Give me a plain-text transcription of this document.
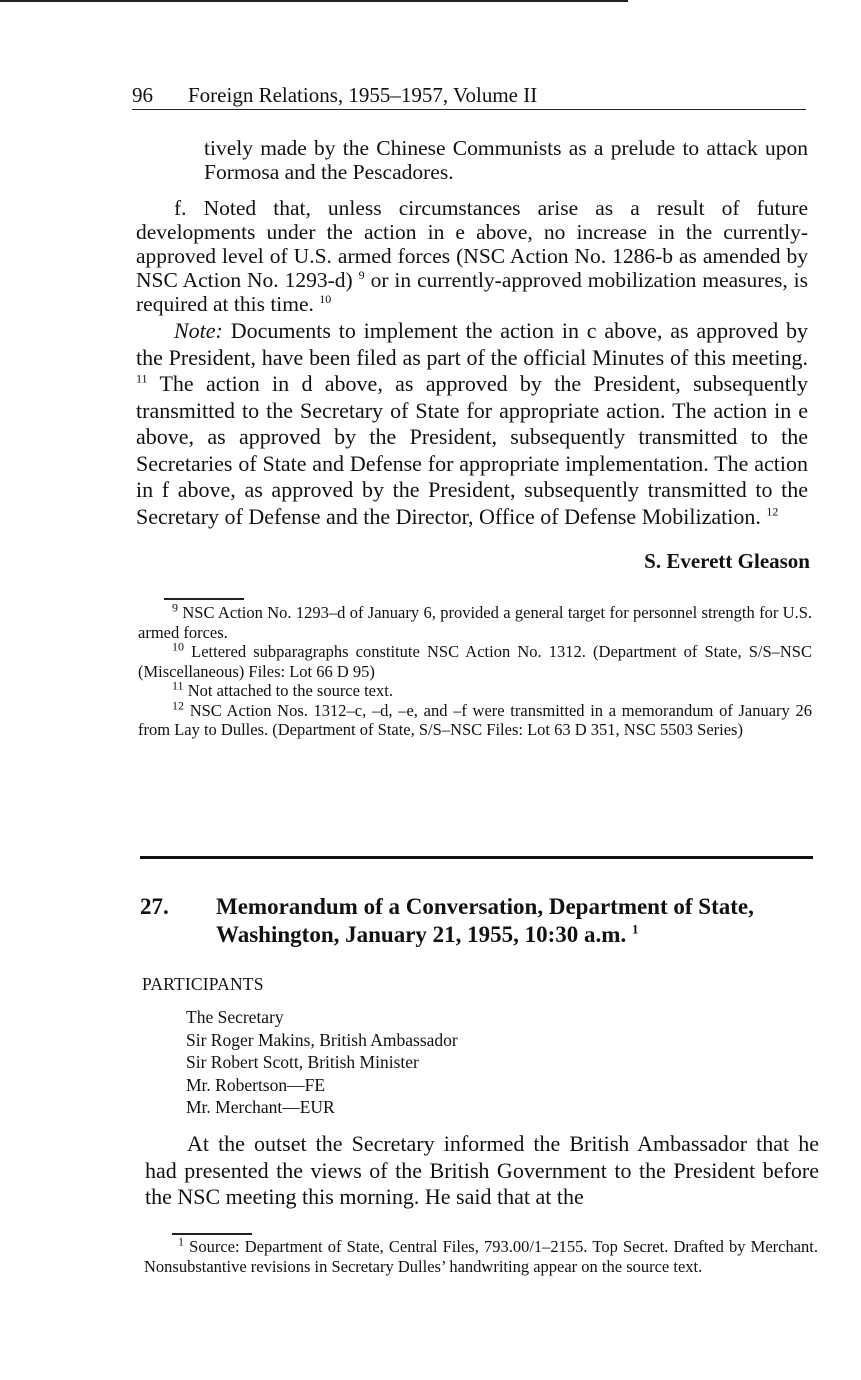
96 Foreign Relations, 1955–1957, Volume II

tively made by the Chinese Communists as a prelude to attack upon Formosa and the Pescadores.

f. Noted that, unless circumstances arise as a result of future developments under the action in e above, no increase in the currently-approved level of U.S. armed forces (NSC Action No. 1286-b as amended by NSC Action No. 1293-d) $^9$ or in currently-approved mobilization measures, is required at this time. $^{10}$

Note: Documents to implement the action in c above, as approved by the President, have been filed as part of the official Minutes of this meeting. $^{11}$ The action in d above, as approved by the President, subsequently transmitted to the Secretary of State for appropriate action. The action in e above, as approved by the President, subsequently transmitted to the Secretaries of State and Defense for appropriate implementation. The action in f above, as approved by the President, subsequently transmitted to the Secretary of Defense and the Director, Office of Defense Mobilization. $^{12}$

S. Everett Gleason

$^9$ NSC Action No. 1293–d of January 6, provided a general target for personnel strength for U.S. armed forces.

$^{10}$ Lettered subparagraphs constitute NSC Action No. 1312. (Department of State, S/S–NSC (Miscellaneous) Files: Lot 66 D 95)

$^{11}$ Not attached to the source text.

$^{12}$ NSC Action Nos. 1312–c, –d, –e, and –f were transmitted in a memorandum of January 26 from Lay to Dulles. (Department of State, S/S–NSC Files: Lot 63 D 351, NSC 5503 Series)

27.	Memorandum of a Conversation, Department of State, Washington, January 21, 1955, 10:30 a.m. $^1$
PARTICIPANTS
The Secretary
Sir Roger Makins, British Ambassador
Sir Robert Scott, British Minister
Mr. Robertson—FE
Mr. Merchant—EUR

At the outset the Secretary informed the British Ambassador that he had presented the views of the British Government to the President before the NSC meeting this morning. He said that at the

$^1$ Source: Department of State, Central Files, 793.00/1–2155. Top Secret. Drafted by Merchant. Nonsubstantive revisions in Secretary Dulles’ handwriting appear on the source text.
